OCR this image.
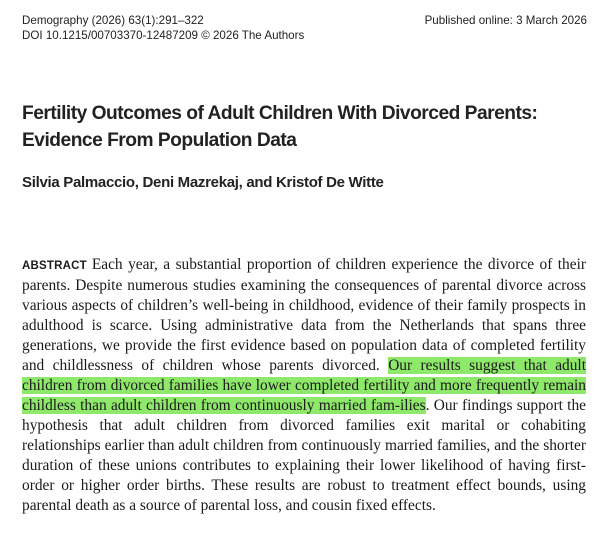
Demography (2026) 63(1):291–322
DOI 10.1215/00703370-12487209 © 2026 The Authors
Published online: 3 March 2026
Fertility Outcomes of Adult Children With Divorced Parents: Evidence From Population Data
Silvia Palmaccio, Deni Mazrekaj, and Kristof De Witte
ABSTRACT Each year, a substantial proportion of children experience the divorce of their parents. Despite numerous studies examining the consequences of parental divorce across various aspects of children’s well-being in childhood, evidence of their family prospects in adulthood is scarce. Using administrative data from the Netherlands that spans three generations, we provide the first evidence based on population data of completed fertility and childlessness of children whose parents divorced. Our results suggest that adult children from divorced families have lower completed fertility and more frequently remain childless than adult children from continuously married fam-ilies. Our findings support the hypothesis that adult children from divorced families exit marital or cohabiting relationships earlier than adult children from continuously married families, and the shorter duration of these unions contributes to explaining their lower likelihood of having first-order or higher order births. These results are robust to treatment effect bounds, using parental death as a source of parental loss, and cousin fixed effects.
